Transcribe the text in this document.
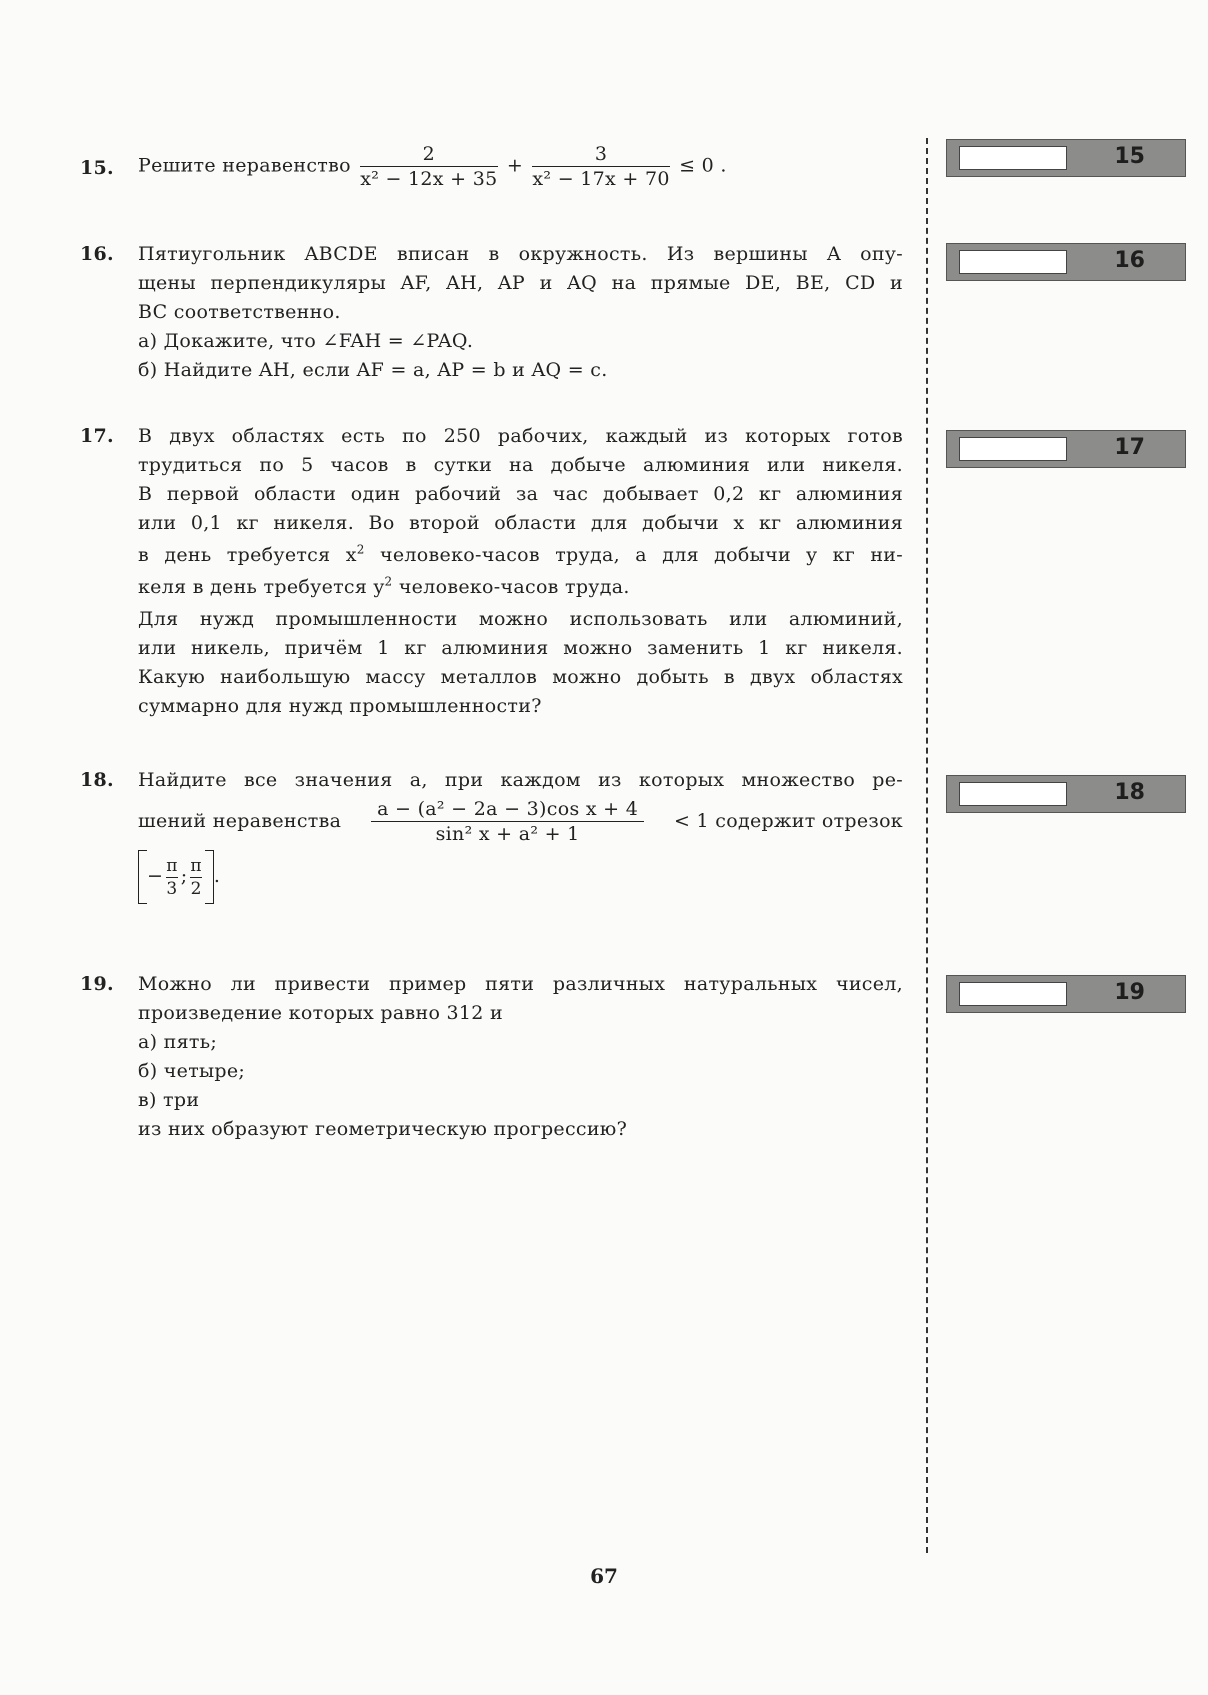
15. Решите неравенство $\frac{2}{\text{x² − 12x + 35}} + \frac{3}{\text{x² − 17x + 70}} \le 0$ .
16. Пятиугольник ABCDE вписан в окружность. Из вершины A опу-

щены перпендикуляры AF, AH, AP и AQ на прямые DE, BE, CD и

BC соответственно.

а) Докажите, что ∠FAH = ∠PAQ.

б) Найдите AH, если AF = a, AP = b и AQ = c.

17. В двух областях есть по 250 рабочих, каждый из которых готов

трудиться по 5 часов в сутки на добыче алюминия или никеля.

В первой области один рабочий за час добывает 0,2 кг алюминия

или 0,1 кг никеля. Во второй области для добычи x кг алюминия

в день требуется $x^2$ человеко-часов труда, а для добычи y кг ни-

келя в день требуется $y^2$ человеко-часов труда.

Для нужд промышленности можно использовать или алюминий,

или никель, причём 1 кг алюминия можно заменить 1 кг никеля.

Какую наибольшую массу металлов можно добыть в двух областях

суммарно для нужд промышленности?

18. Найдите все значения a, при каждом из которых множество ре-

шений неравенства $\frac{\text{a − (a² − 2a − 3)cos x + 4}}{\text{sin² x + a² + 1}} < 1$ содержит отрезок

− $\frac{\pi}{3}$ ; $\frac{\pi}{2}$ .

19. Можно ли привести пример пяти различных натуральных чисел,

произведение которых равно 312 и

а) пять;

б) четыре;

в) три

из них образуют геометрическую прогрессию?

15
16
17
18
19
67
